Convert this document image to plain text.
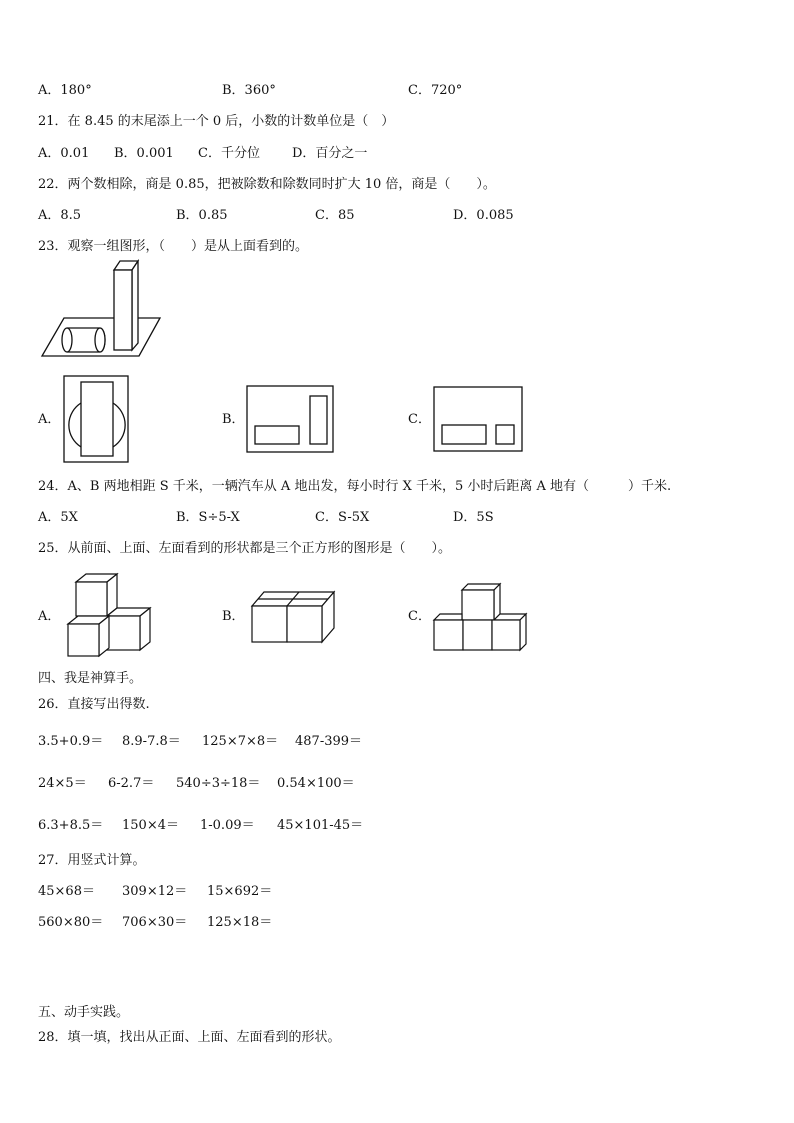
A．180°	B．360°	C．720°
21．在 8.45 的末尾添上一个 0 后，小数的计数单位是（　）
A．0.01 B．0.001 C．千分位 D．百分之一
22．两个数相除，商是 0.85，把被除数和除数同时扩大 10 倍，商是（　　）。
A．8.5	B．0.85	C．85	D．0.085
23．观察一组图形，（　　）是从上面看到的。
A．	B．	C．
24．A、B 两地相距 S 千米，一辆汽车从 A 地出发，每小时行 X 千米，5 小时后距离 A 地有（　　　）千米.
A．5X	B．S÷5-X	C．S-5X	D．5S
25．从前面、上面、左面看到的形状都是三个正方形的图形是（　　）。
A．	B．	C．
四、我是神算手。
26．直接写出得数.
3.5+0.9＝ 8.9-7.8＝ 125×7×8＝ 487-399＝
24×5＝ 6-2.7＝ 540÷3÷18＝ 0.54×100＝
6.3+8.5＝ 150×4＝ 1-0.09＝ 45×101-45＝
27．用竖式计算。
45×68＝ 309×12＝ 15×692＝
560×80＝ 706×30＝ 125×18＝
五、动手实践。
28．填一填，找出从正面、上面、左面看到的形状。
